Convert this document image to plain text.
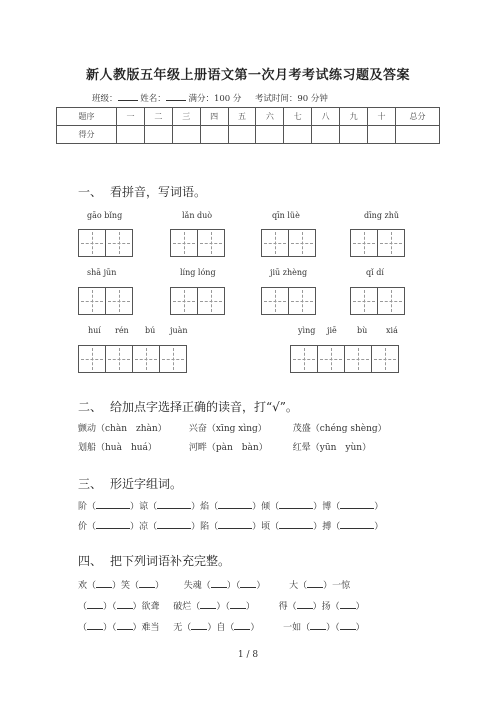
新人教版五年级上册语文第一次月考考试练习题及答案
班级：	姓名：	满分：100 分 考试时间：90 分钟
题序	一	二	三	四	五	六	七	八	九	十	总分
得分											
一、 看拼音，写词语。
gāo bǐng	lǎn duò	qīn lüè	dīng zhǔ
shā jūn	líng lóng	jiū zhèng	qǐ dí
huí rén bú juàn	yìng jiē	bù xiá
二、 给加点字选择正确的读音，打“√”。
颤动（chàn　zhàn） 兴奋（xīng xìng）	茂盛（chéng shèng）
划船（huà　huá）	河畔（pàn　bàn）	红晕（yūn　yùn）
三、 形近字组词。
阶（	）谅（	）焰（	）倾（	）博（	）
价（	）凉（	）陷（	）顷（	）搏（	）
四、 把下列词语补充完整。
欢（ ）笑（ ） 失魂（ ）（ ）	大（ ）一惊
（ ）（ ）欲聋 破烂（ ）（ ）	得（ ）扬（ ）
（ ）（ ）难当 无（ ）自（ ）	一如（ ）（ ）
1 / 8
